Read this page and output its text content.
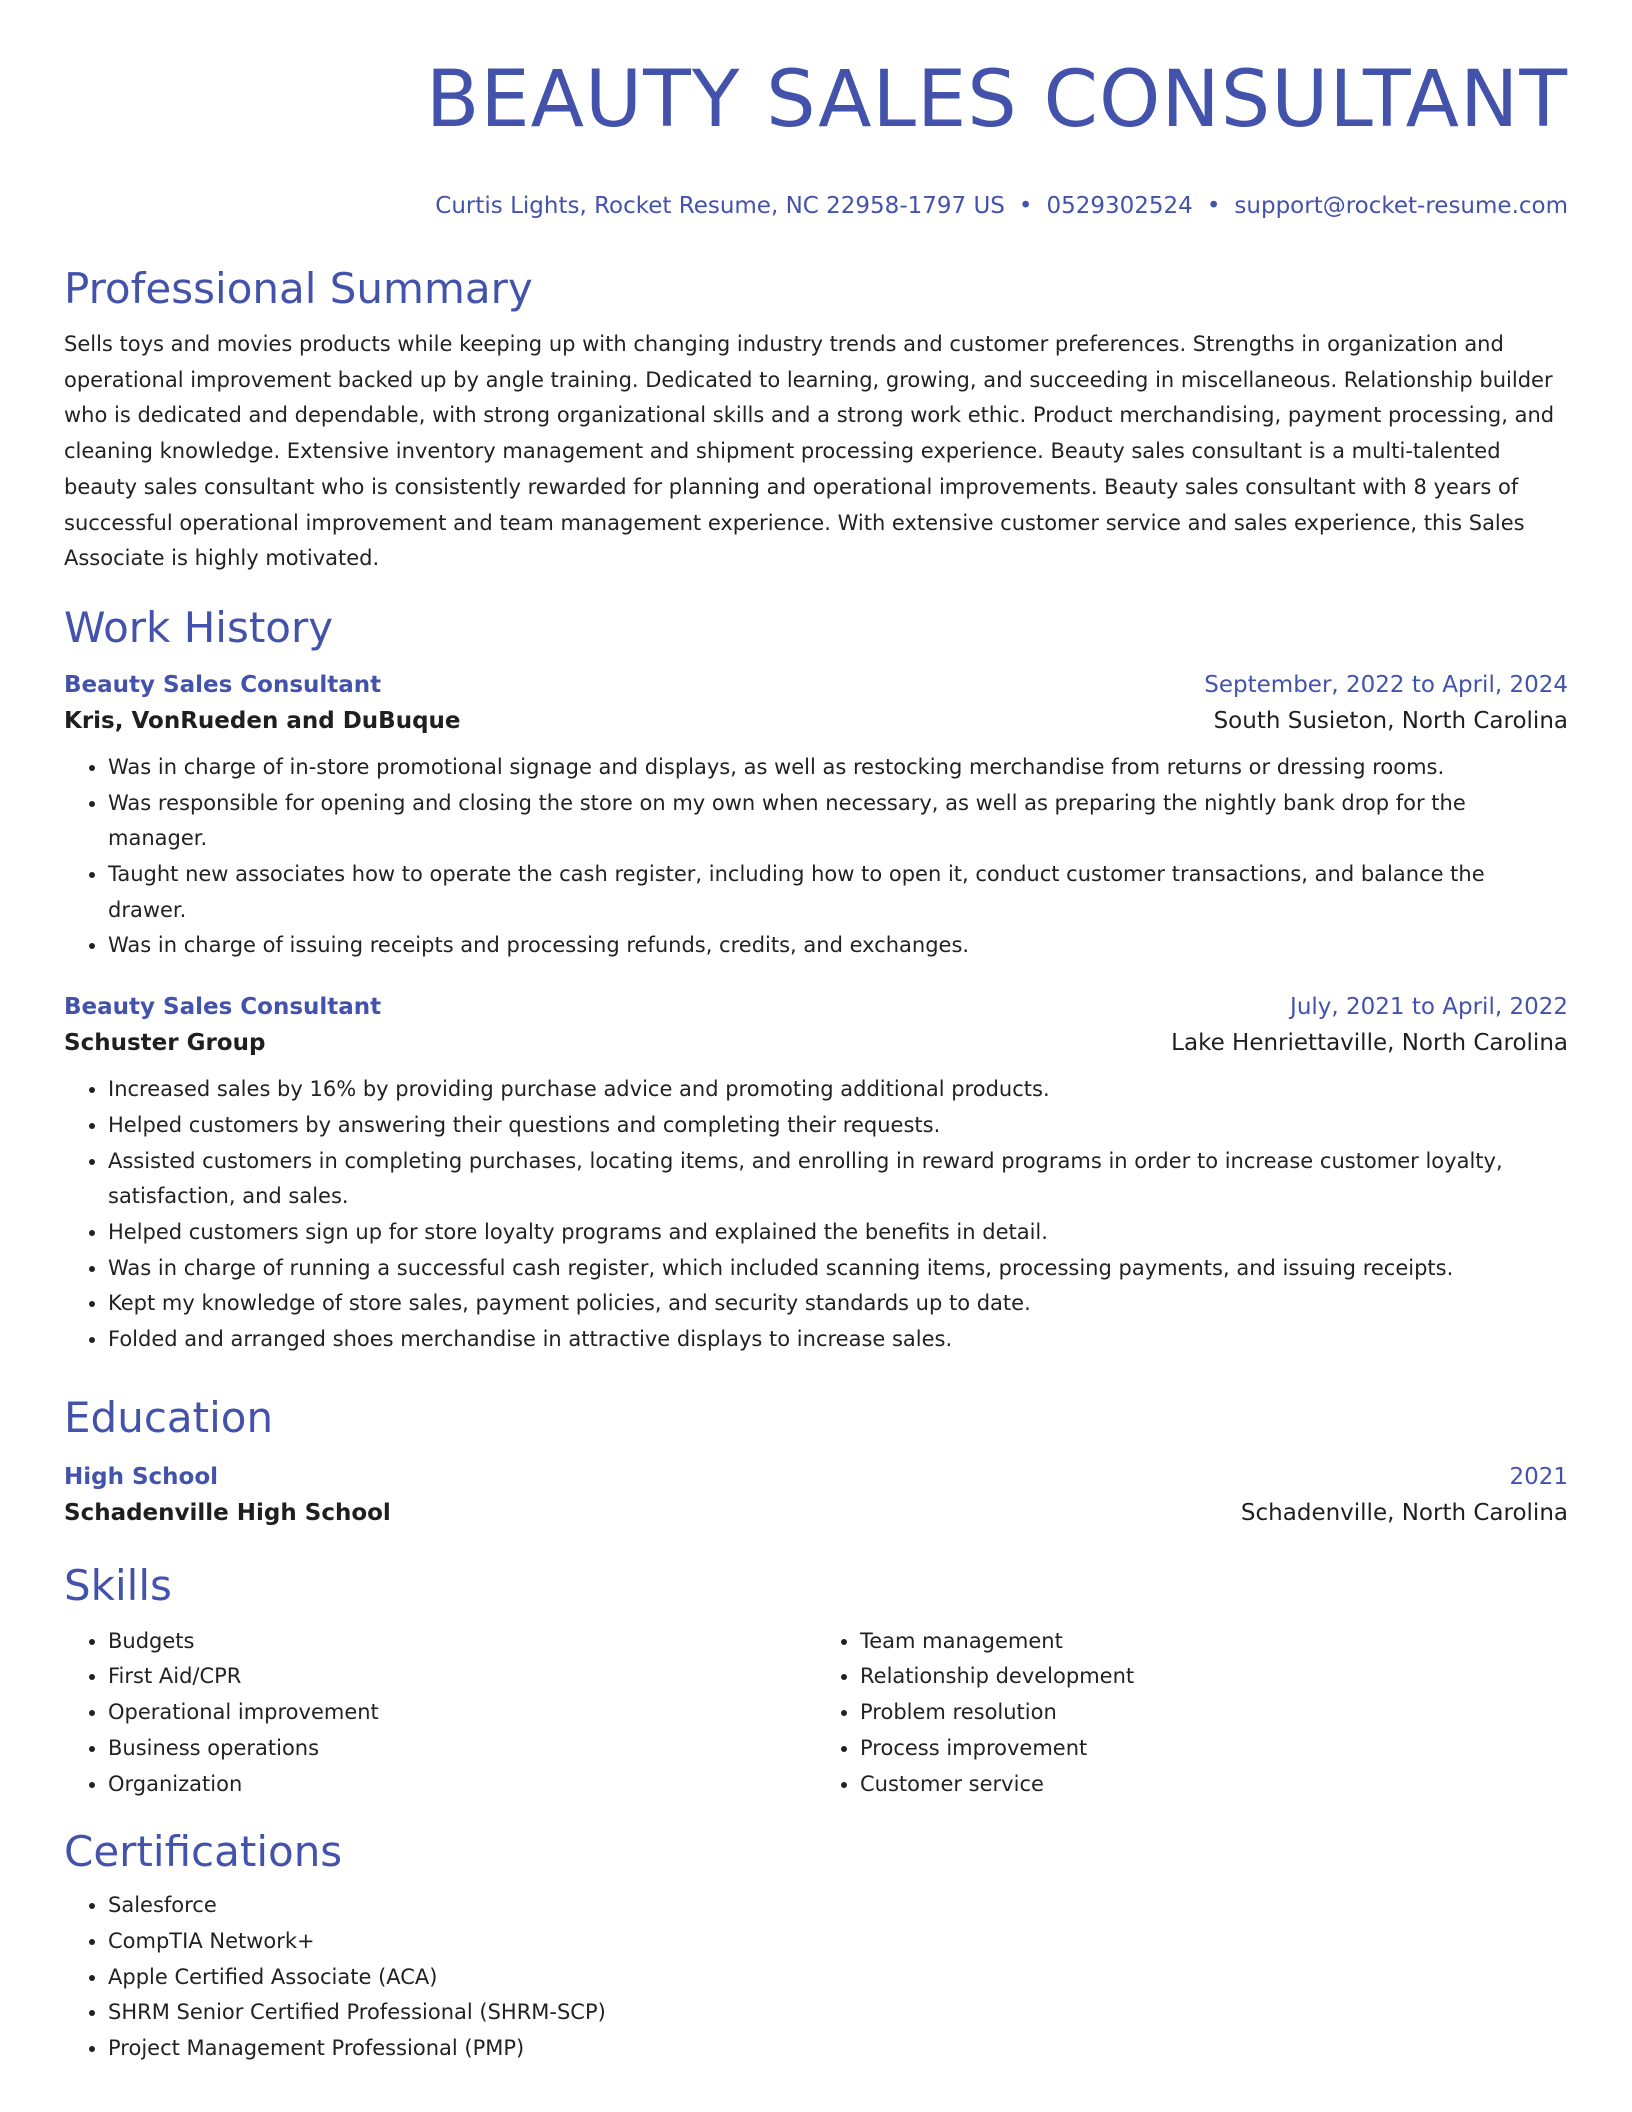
BEAUTY SALES CONSULTANT
Curtis Lights, Rocket Resume, NC 22958-1797 US • 0529302524 • support@rocket-resume.com
Professional Summary
Sells toys and movies products while keeping up with changing industry trends and customer preferences. Strengths in organization and operational improvement backed up by angle training. Dedicated to learning, growing, and succeeding in miscellaneous. Relationship builder who is dedicated and dependable, with strong organizational skills and a strong work ethic. Product merchandising, payment processing, and cleaning knowledge. Extensive inventory management and shipment processing experience. Beauty sales consultant is a multi-talented beauty sales consultant who is consistently rewarded for planning and operational improvements. Beauty sales consultant with 8 years of successful operational improvement and team management experience. With extensive customer service and sales experience, this Sales Associate is highly motivated.
Work History
Beauty Sales Consultant	September, 2022 to April, 2024
Kris, VonRueden and DuBuque	South Susieton, North Carolina
• Was in charge of in-store promotional signage and displays, as well as restocking merchandise from returns or dressing rooms.
• Was responsible for opening and closing the store on my own when necessary, as well as preparing the nightly bank drop for the manager.
• Taught new associates how to operate the cash register, including how to open it, conduct customer transactions, and balance the drawer.
• Was in charge of issuing receipts and processing refunds, credits, and exchanges.
Beauty Sales Consultant	July, 2021 to April, 2022
Schuster Group	Lake Henriettaville, North Carolina
• Increased sales by 16% by providing purchase advice and promoting additional products.
• Helped customers by answering their questions and completing their requests.
• Assisted customers in completing purchases, locating items, and enrolling in reward programs in order to increase customer loyalty, satisfaction, and sales.
• Helped customers sign up for store loyalty programs and explained the benefits in detail.
• Was in charge of running a successful cash register, which included scanning items, processing payments, and issuing receipts.
• Kept my knowledge of store sales, payment policies, and security standards up to date.
• Folded and arranged shoes merchandise in attractive displays to increase sales.
Education
High School	2021
Schadenville High School	Schadenville, North Carolina
Skills
• Budgets
• First Aid/CPR
• Operational improvement
• Business operations
• Organization
• Team management
• Relationship development
• Problem resolution
• Process improvement
• Customer service
Certifications
• Salesforce
• CompTIA Network+
• Apple Certified Associate (ACA)
• SHRM Senior Certified Professional (SHRM-SCP)
• Project Management Professional (PMP)
